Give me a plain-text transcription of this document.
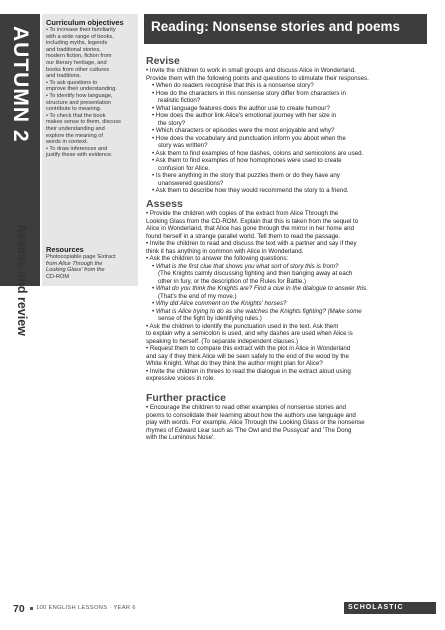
AUTUMN 2
Assess and review
Curriculum objectives

• To increase their familiarity

with a wide range of books,

including myths, legends

and traditional stories,

modern fiction, fiction from

our literary heritage, and

books from other cultures

and traditions.

• To ask questions to

improve their understanding.

• To identify how language,

structure and presentation

contribute to meaning.

• To check that the book

makes sense to them, discuss

their understanding and

explore the meaning of

words in context.

• To draw inferences and

justify these with evidence.

Resources

Photocopiable page 'Extract

from Alice Through the

Looking Glass' from the

CD-ROM

Reading: Nonsense stories and poems
Revise

• Invite the children to work in small groups and discuss Alice in Wonderland.

Provide them with the following points and questions to stimulate their responses.

• When do readers recognise that this is a nonsense story?

• How do the characters in this nonsense story differ from characters in

realistic fiction?

• What language features does the author use to create humour?

• How does the author link Alice's emotional journey with her size in

the story?

• Which characters or episodes were the most enjoyable and why?

• How does the vocabulary and punctuation inform you about when the

story was written?

• Ask them to find examples of how dashes, colons and semicolons are used.

• Ask them to find examples of how homophones were used to create

confusion for Alice.

• Is there anything in the story that puzzles them or do they have any

unanswered questions?

• Ask them to describe how they would recommend the story to a friend.

Assess

• Provide the children with copies of the extract from Alice Through the

Looking Glass from the CD-ROM. Explain that this is taken from the sequel to

Alice in Wonderland, that Alice has gone through the mirror in her home and

found herself in a strange parallel world. Tell them to read the passage.

• Invite the children to read and discuss the text with a partner and say if they

think it has anything in common with Alice in Wonderland.

• Ask the children to answer the following questions:

• What is the first clue that shows you what sort of story this is from?

(The Knights calmly discussing fighting and then banging away at each

other in fury, or the description of the Rules for Battle.)

• What do you think the Knights are? Find a clue in the dialogue to answer this.

(That's the end of my move.)

• Why did Alice comment on the Knights' horses?

• What is Alice trying to do as she watches the Knights fighting? (Make some

sense of the fight by identifying rules.)

• Ask the children to identify the punctuation used in the text. Ask them

to explain why a semicolon is used, and why dashes are used when Alice is

speaking to herself. (To separate independent clauses.)

• Request them to compare this extract with the plot in Alice in Wonderland

and say if they think Alice will be seen safely to the end of the wood by the

White Knight. What do they think the author might plan for Alice?

• Invite the children in threes to read the dialogue in the extract aloud using

expressive voices in role.

Further practice

• Encourage the children to read other examples of nonsense stories and

poems to consolidate their learning about how the authors use language and

play with words. For example, Alice Through the Looking Glass or the nonsense

rhymes of Edward Lear such as 'The Owl and the Pussycat' and 'The Dong

with the Luminous Nose'.

70 100 ENGLISH LESSONS · YEAR 6	SCHOLASTIC
